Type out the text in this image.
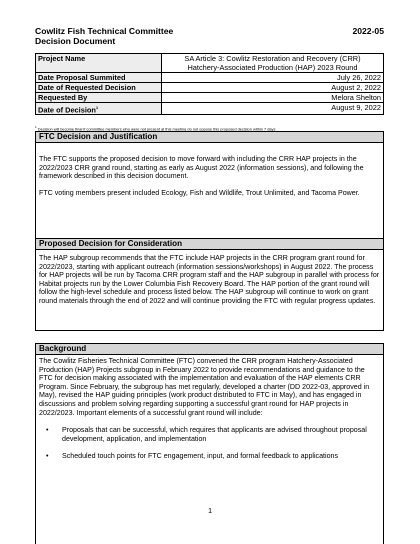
Cowlitz Fish Technical Committee	2022-05
Decision Document
Project Name	SA Article 3: Cowlitz Restoration and Recovery (CRR)
Hatchery-Associated Production (HAP) 2023 Round

Date Proposal Summited	July 26, 2022
Date of Requested Decision	August 2, 2022
Requested By	Melora Shelton
Date of Decision$^1$	August 9, 2022
$^1$ Decision will become final if committee members who were not present at this meeting do not oppose this proposed decision within 7 days
FTC Decision and Justification

The FTC supports the proposed decision to move forward with including the CRR HAP projects in the 2022/2023 CRR grand round, starting as early as August 2022 (information sessions), and following the framework described in this decision document.

FTC voting members present included Ecology, Fish and Wildlife, Trout Unlimited, and Tacoma Power.

Proposed Decision for Consideration

The HAP subgroup recommends that the FTC include HAP projects in the CRR program grant round for 2022/2023, starting with applicant outreach (information sessions/workshops) in August 2022. The process for HAP projects will be run by Tacoma CRR program staff and the HAP subgroup in parallel with process for Habitat projects run by the Lower Columbia Fish Recovery Board. The HAP portion of the grant round will follow the high-level schedule and process listed below. The HAP subgroup will continue to work on grant round materials through the end of 2022 and will continue providing the FTC with regular progress updates.

Background

The Cowlitz Fisheries Technical Committee (FTC) convened the CRR program Hatchery-Associated Production (HAP) Projects subgroup in February 2022 to provide recommendations and guidance to the FTC for decision making associated with the implementation and evaluation of the HAP elements CRR Program. Since February, the subgroup has met regularly, developed a charter (DD 2022-03, approved in May), revised the HAP guiding principles (work product distributed to FTC in May), and has engaged in discussions and problem solving regarding supporting a successful grant round for HAP projects in 2022/2023. Important elements of a successful grant round will include:

• Proposals that can be successful, which requires that applicants are advised throughout proposal development, application, and implementation
• Scheduled touch points for FTC engagement, input, and formal feedback to applications
1
